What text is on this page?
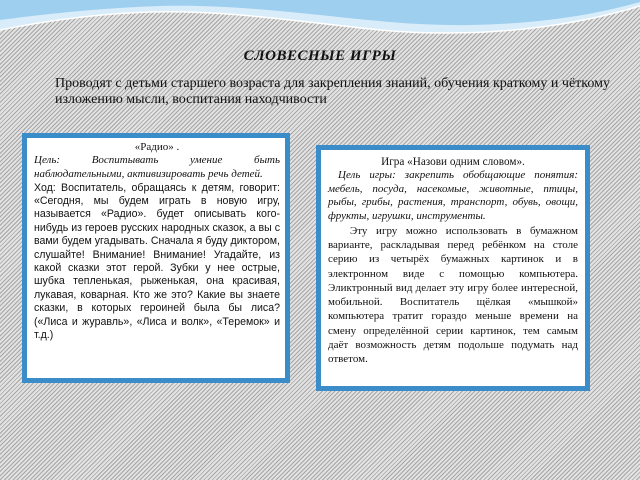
СЛОВЕСНЫЕ ИГРЫ
Проводят с детьми старшего возраста для закрепления знаний, обучения краткому и чёткому изложению мысли, воспитания находчивости
«Радио» .

Цель: Воспитывать умение быть наблюдательными, активизировать речь детей.

Ход: Воспитатель, обращаясь к детям, говорит: «Сегодня, мы будем играть в новую игру, называется «Радио». будет описывать кого-нибудь из героев русских народных сказок, а вы с вами будем угадывать. Сначала я буду диктором, слушайте! Внимание! Внимание! Угадайте, из какой сказки этот герой. Зубки у нее острые, шубка тепленькая, рыженькая, она красивая, лукавая, коварная. Кто же это? Какие вы знаете сказки, в которых героиней была бы лиса? («Лиса и журавль», «Лиса и волк», «Теремок» и т.д.)

Игра «Назови одним словом».

Цель игры: закрепить обобщающие понятия: мебель, посуда, насекомые, животные, птицы, рыбы, грибы, растения, транспорт, обувь, овощи, фрукты, игрушки, инструменты.

Эту игру можно использовать в бумажном варианте, раскладывая перед ребёнком на столе серию из четырёх бумажных картинок и в электронном виде с помощью компьютера. Эликтронный вид делает эту игру более интересной, мобильной. Воспитатель щёлкая «мышкой» компьютера тратит гораздо меньше времени на смену определённой серии картинок, тем самым даёт возможность детям подольше подумать над ответом.
